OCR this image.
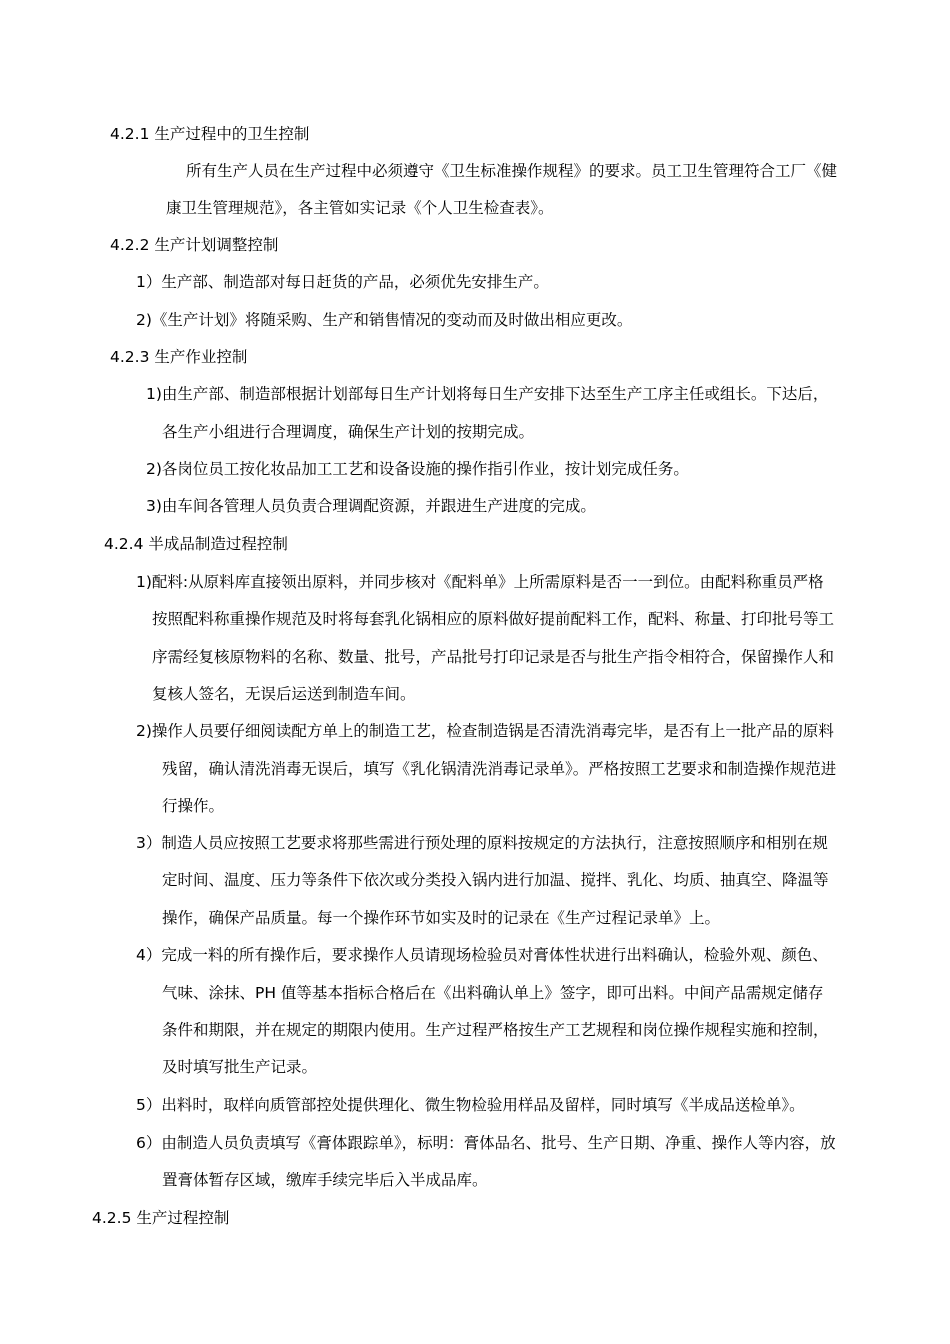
4.2.1 生产过程中的卫生控制
所有生产人员在生产过程中必须遵守《卫生标准操作规程》的要求。员工卫生管理符合工厂《健
康卫生管理规范》，各主管如实记录《个人卫生检查表》。
4.2.2 生产计划调整控制
1）生产部、制造部对每日赶货的产品，必须优先安排生产。
2)《生产计划》将随采购、生产和销售情况的变动而及时做出相应更改。
4.2.3 生产作业控制
1)由生产部、制造部根据计划部每日生产计划将每日生产安排下达至生产工序主任或组长。下达后，
各生产小组进行合理调度，确保生产计划的按期完成。
2)各岗位员工按化妆品加工工艺和设备设施的操作指引作业，按计划完成任务。
3)由车间各管理人员负责合理调配资源，并跟进生产进度的完成。
4.2.4 半成品制造过程控制
1)配料:从原料库直接领出原料，并同步核对《配料单》上所需原料是否一一到位。由配料称重员严格
按照配料称重操作规范及时将每套乳化锅相应的原料做好提前配料工作，配料、称量、打印批号等工
序需经复核原物料的名称、数量、批号，产品批号打印记录是否与批生产指令相符合，保留操作人和
复核人签名，无误后运送到制造车间。
2)操作人员要仔细阅读配方单上的制造工艺，检查制造锅是否清洗消毒完毕，是否有上一批产品的原料
残留，确认清洗消毒无误后，填写《乳化锅清洗消毒记录单》。严格按照工艺要求和制造操作规范进
行操作。
3）制造人员应按照工艺要求将那些需进行预处理的原料按规定的方法执行，注意按照顺序和相别在规
定时间、温度、压力等条件下依次或分类投入锅内进行加温、搅拌、乳化、均质、抽真空、降温等
操作，确保产品质量。每一个操作环节如实及时的记录在《生产过程记录单》上。
4）完成一料的所有操作后，要求操作人员请现场检验员对膏体性状进行出料确认，检验外观、颜色、
气味、涂抹、PH 值等基本指标合格后在《出料确认单上》签字，即可出料。中间产品需规定储存
条件和期限，并在规定的期限内使用。生产过程严格按生产工艺规程和岗位操作规程实施和控制，
及时填写批生产记录。
5）出料时，取样向质管部控处提供理化、微生物检验用样品及留样，同时填写《半成品送检单》。
6）由制造人员负责填写《膏体跟踪单》，标明：膏体品名、批号、生产日期、净重、操作人等内容，放
置膏体暂存区域，缴库手续完毕后入半成品库。
4.2.5 生产过程控制
